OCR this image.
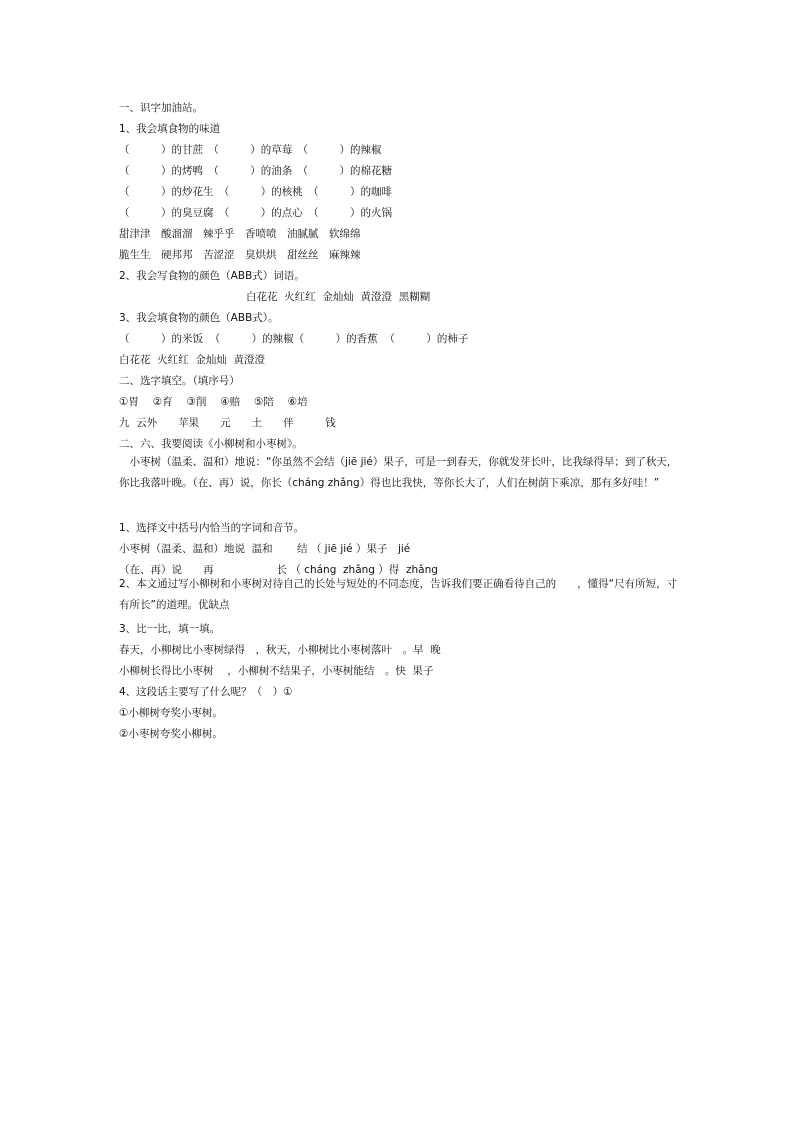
一、识字加油站。
1、我会填食物的味道
（　　　）的甘蔗　（　　　）的草莓　（　　　）的辣椒
（　　　）的烤鸭　（　　　）的油条　（　　　）的棉花糖
（　　　）的炒花生　（　　　）的核桃　（　　　）的咖啡
（　　　）的臭豆腐　（　　　）的点心　（　　　）的火锅
甜津津　酸溜溜　辣乎乎　香喷喷　油腻腻　软绵绵
脆生生　硬邦邦　苦涩涩　臭烘烘　甜丝丝　麻辣辣
2、我会写食物的颜色（ABB式）词语。
白花花  火红红  金灿灿  黄澄澄  黑糊糊
3、我会填食物的颜色（ABB式）。
（　　　）的米饭  （　　　）的辣椒（　　　）的香蕉  （　　　）的柿子
白花花  火红红  金灿灿  黄澄澄
二、选字填空。（填序号）
①胃　 ②育　 ③削　 ④赔　 ⑤陪　 ⑥培
九  云外　　苹果　　元　　土　　伴　　　钱
二、六、我要阅读《小柳树和小枣树》。
　小枣树（温柔、温和）地说：“你虽然不会结（jiē jié）果子，可是一到春天，你就发芽长叶，比我绿得早；到了秋天，你比我落叶晚。（在、再）说，你长（cháng zhǎng）得也比我快，等你长大了，人们在树荫下乘凉，那有多好哇！”
1、选择文中括号内恰当的字词和音节。
小枣树（温柔、温和）地说  温和　　 结 （ jiē jié ）果子　jié
（在、再）说　　再　　　　　　长 （ cháng  zhǎng ）得  zhǎng
2、本文通过写小柳树和小枣树对待自己的长处与短处的不同态度，告诉我们要正确看待自己的　　，懂得“尺有所短，寸有所长”的道理。优缺点
3、比一比，填一填。
春天，小柳树比小枣树绿得　，秋天，小柳树比小枣树落叶　。早  晚
小柳树长得比小枣树　 ，小柳树不结果子，小枣树能结　。快  果子
4、这段话主要写了什么呢？（　）①
①小柳树夸奖小枣树。
②小枣树夸奖小柳树。
